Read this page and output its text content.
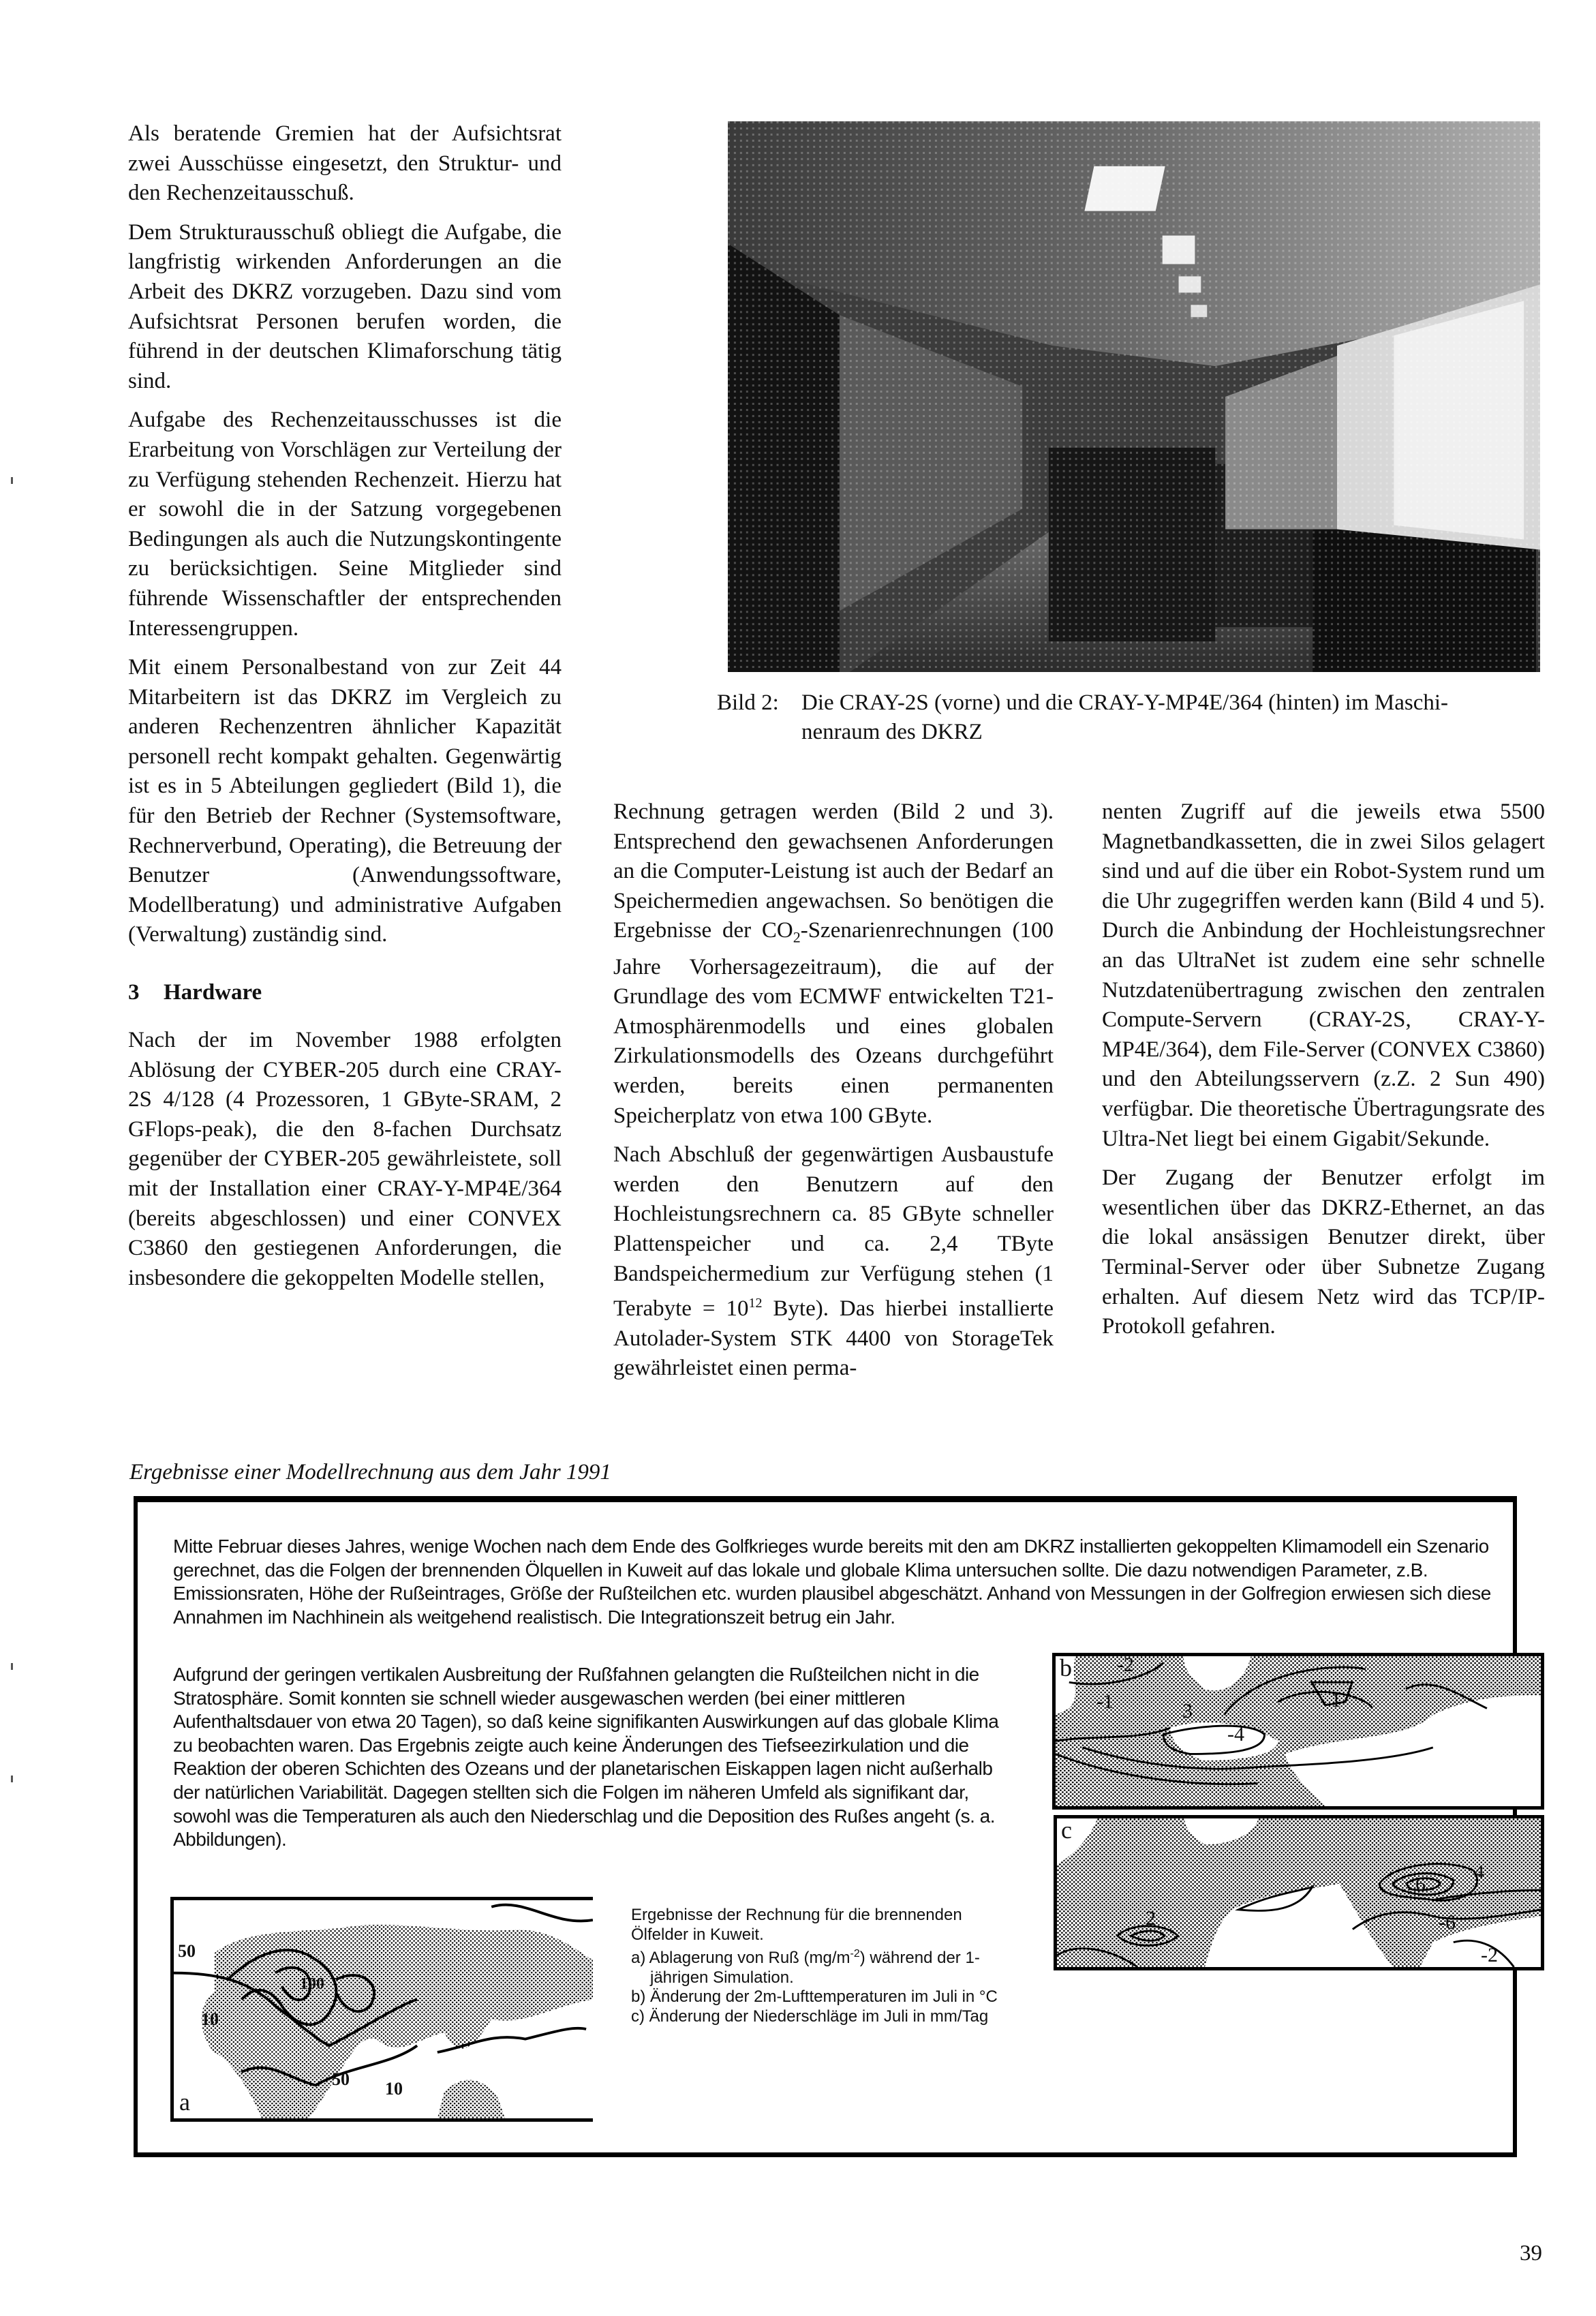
Als beratende Gremien hat der Aufsichtsrat zwei Ausschüsse eingesetzt, den Struktur- und den Rechenzeitausschuß.

Dem Strukturausschuß obliegt die Aufgabe, die langfristig wirkenden Anforderungen an die Arbeit des DKRZ vorzugeben. Dazu sind vom Aufsichtsrat Personen berufen worden, die führend in der deutschen Klimaforschung tätig sind.

Aufgabe des Rechenzeitausschusses ist die Erarbeitung von Vorschlägen zur Verteilung der zu Verfügung stehenden Rechenzeit. Hierzu hat er sowohl die in der Satzung vorgegebenen Bedingungen als auch die Nutzungskontingente zu berücksichtigen. Seine Mitglieder sind führende Wissenschaftler der entsprechenden Interessengruppen.

Mit einem Personalbestand von zur Zeit 44 Mitarbeitern ist das DKRZ im Vergleich zu anderen Rechenzentren ähnlicher Kapazität personell recht kompakt gehalten. Gegenwärtig ist es in 5 Abteilungen gegliedert (Bild 1), die für den Betrieb der Rechner (Systemsoftware, Rechnerverbund, Operating), die Betreuung der Benutzer (Anwendungssoftware, Modellberatung) und administrative Aufgaben (Verwaltung) zuständig sind.

3	Hardware

Nach der im November 1988 erfolgten Ablösung der CYBER-205 durch eine CRAY-2S 4/128 (4 Prozessoren, 1 GByte-SRAM, 2 GFlops-peak), die den 8-fachen Durchsatz gegenüber der CYBER-205 gewährleistete, soll mit der Installation einer CRAY-Y-MP4E/364 (bereits abgeschlossen) und einer CONVEX C3860 den gestiegenen Anforderungen, die insbesondere die gekoppelten Modelle stellen,

Bild 2: Die CRAY-2S (vorne) und die CRAY-Y-MP4E/364 (hinten) im Maschi-
nenraum des DKRZ

Rechnung getragen werden (Bild 2 und 3). Entsprechend den gewachsenen Anforderungen an die Computer-Leistung ist auch der Bedarf an Speichermedien angewachsen. So benötigen die Ergebnisse der $CO_2$-Szenarienrechnungen (100 Jahre Vorhersagezeitraum), die auf der Grundlage des vom ECMWF entwickelten T21-Atmosphärenmodells und eines globalen Zirkulationsmodells des Ozeans durchgeführt werden, bereits einen permanenten Speicherplatz von etwa 100 GByte.

Nach Abschluß der gegenwärtigen Ausbaustufe werden den Benutzern auf den Hochleistungsrechnern ca. 85 GByte schneller Plattenspeicher und ca. 2,4 TByte Bandspeichermedium zur Verfügung stehen (1 Terabyte = $10^{12}$ Byte). Das hierbei installierte Autolader-System STK 4400 von StorageTek gewährleistet einen perma-

nenten Zugriff auf die jeweils etwa 5500 Magnetbandkassetten, die in zwei Silos gelagert sind und auf die über ein Robot-System rund um die Uhr zugegriffen werden kann (Bild 4 und 5). Durch die Anbindung der Hochleistungsrechner an das UltraNet ist zudem eine sehr schnelle Nutzdatenübertragung zwischen den zentralen Compute-Servern (CRAY-2S, CRAY-Y-MP4E/364), dem File-Server (CONVEX C3860) und den Abteilungsservern (z.Z. 2 Sun 490) verfügbar. Die theoretische Übertragungsrate des Ultra-Net liegt bei einem Gigabit/Sekunde.

Der Zugang der Benutzer erfolgt im wesentlichen über das DKRZ-Ethernet, an das die lokal ansässigen Benutzer direkt, über Terminal-Server oder über Subnetze Zugang erhalten. Auf diesem Netz wird das TCP/IP-Protokoll gefahren.

Ergebnisse einer Modellrechnung aus dem Jahr 1991
Mitte Februar dieses Jahres, wenige Wochen nach dem Ende des Golfkrieges wurde bereits mit den am DKRZ installierten gekoppelten Klimamodell ein Szenario gerechnet, das die Folgen der brennenden Ölquellen in Kuweit auf das lokale und globale Klima untersuchen sollte. Die dazu notwendigen Parameter, z.B. Emissionsraten, Höhe der Rußeintrages, Größe der Rußteilchen etc. wurden plausibel abgeschätzt. Anhand von Messungen in der Golfregion erwiesen sich diese Annahmen im Nachhinein als weitgehend realistisch. Die Integrationszeit betrug ein Jahr.
Aufgrund der geringen vertikalen Ausbreitung der Rußfahnen gelangten die Rußteilchen nicht in die Stratosphäre. Somit konnten sie schnell wieder ausgewaschen werden (bei einer mittleren Aufenthaltsdauer von etwa 20 Tagen), so daß keine signifikanten Auswirkungen auf das globale Klima zu beobachten waren. Das Ergebnis zeigte auch keine Änderungen des Tiefseezirkulation und die Reaktion der oberen Schichten des Ozeans und der planetarischen Eiskappen lagen nicht außerhalb der natürlichen Variabilität. Dagegen stellten sich die Folgen im näheren Umfeld als signifikant dar, sowohl was die Temperaturen als auch den Niederschlag und die Deposition des Rußes angeht (s. a. Abbildungen).
a
50
100
10
50 10
Ergebnisse der Rechnung für die brennenden Ölfelder in Kuweit.
a) Ablagerung von Ruß $(mg/m^{-2})$ während der 1-jährigen Simulation.
b) Änderung der 2m-Lufttemperaturen im Juli in °C
c) Änderung der Niederschläge im Juli in mm/Tag
b -2
-1	3	1
-4
c
4
6
2	-6
-2
39
